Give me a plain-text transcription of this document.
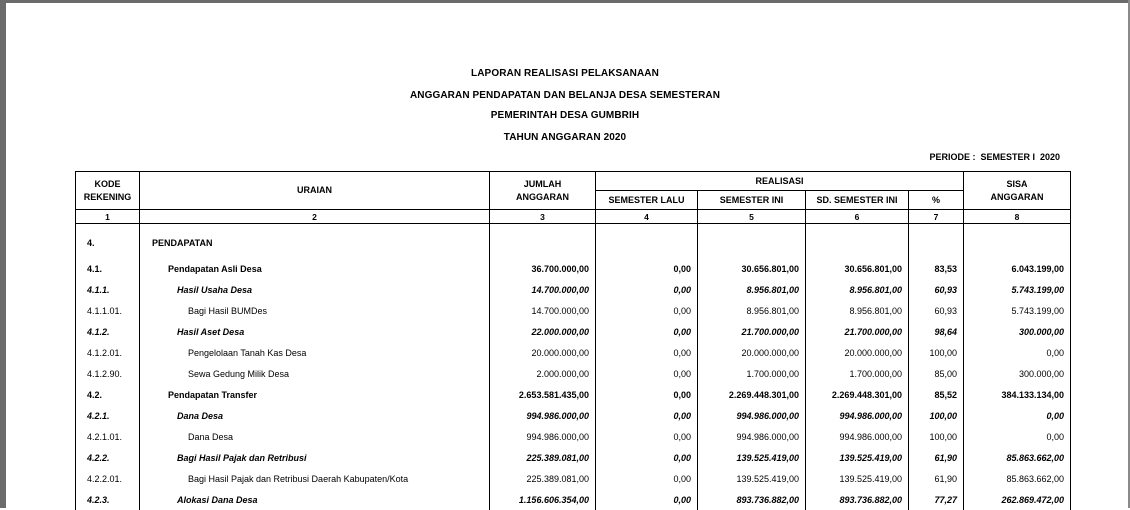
LAPORAN REALISASI PELAKSANAAN
ANGGARAN PENDAPATAN DAN BELANJA DESA SEMESTERAN
PEMERINTAH DESA GUMBRIH
TAHUN ANGGARAN 2020
PERIODE :  SEMESTER I  2020
KODE REKENING	URAIAN	JUMLAH ANGGARAN	REALISASI				SISA ANGGARAN
			SEMESTER LALU	SEMESTER INI	SD. SEMESTER INI	%	
1	2	3	4	5	6	7	8
4.	PENDAPATAN						
4.1.	Pendapatan Asli Desa	36.700.000,00	0,00	30.656.801,00	30.656.801,00	83,53	6.043.199,00
4.1.1.	Hasil Usaha Desa	14.700.000,00	0,00	8.956.801,00	8.956.801,00	60,93	5.743.199,00
4.1.1.01.	Bagi Hasil BUMDes	14.700.000,00	0,00	8.956.801,00	8.956.801,00	60,93	5.743.199,00
4.1.2.	Hasil Aset Desa	22.000.000,00	0,00	21.700.000,00	21.700.000,00	98,64	300.000,00
4.1.2.01.	Pengelolaan Tanah Kas Desa	20.000.000,00	0,00	20.000.000,00	20.000.000,00	100,00	0,00
4.1.2.90.	Sewa Gedung Milik Desa	2.000.000,00	0,00	1.700.000,00	1.700.000,00	85,00	300.000,00
4.2.	Pendapatan Transfer	2.653.581.435,00	0,00	2.269.448.301,00	2.269.448.301,00	85,52	384.133.134,00
4.2.1.	Dana Desa	994.986.000,00	0,00	994.986.000,00	994.986.000,00	100,00	0,00
4.2.1.01.	Dana Desa	994.986.000,00	0,00	994.986.000,00	994.986.000,00	100,00	0,00
4.2.2.	Bagi Hasil Pajak dan Retribusi	225.389.081,00	0,00	139.525.419,00	139.525.419,00	61,90	85.863.662,00
4.2.2.01.	Bagi Hasil Pajak dan Retribusi Daerah Kabupaten/Kota	225.389.081,00	0,00	139.525.419,00	139.525.419,00	61,90	85.863.662,00
4.2.3.	Alokasi Dana Desa	1.156.606.354,00	0,00	893.736.882,00	893.736.882,00	77,27	262.869.472,00
